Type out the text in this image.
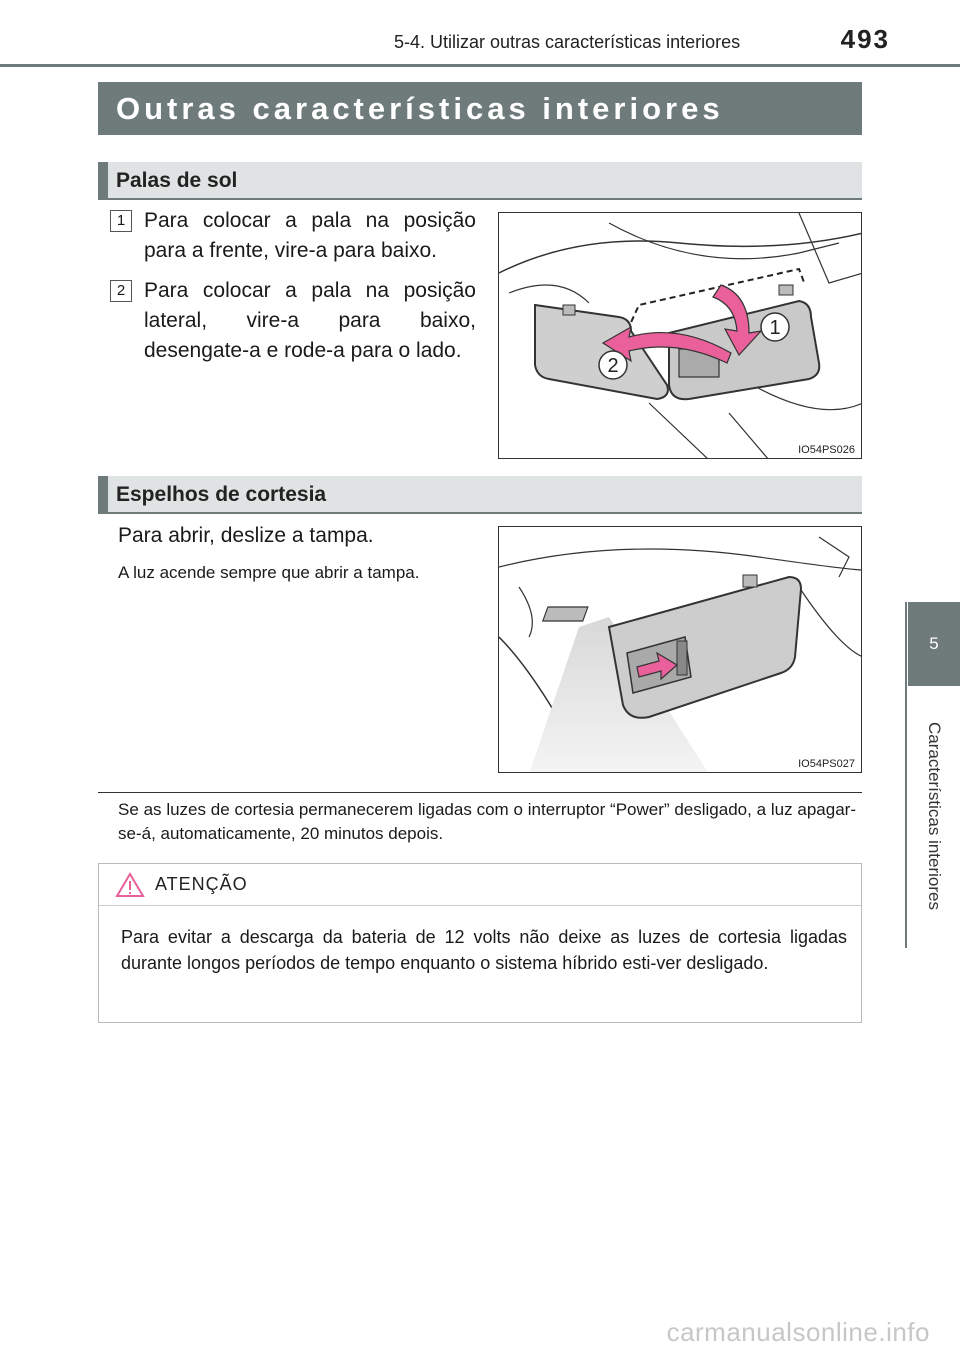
5-4. Utilizar outras características interiores	493
5
Características interiores
Outras características interiores
Palas de sol
1 Para colocar a pala na posição para a frente, vire-a para baixo.
2 Para colocar a pala na posição lateral, vire-a para baixo, desengate-a e rode-a para o lado.
1
2
IO54PS026
Espelhos de cortesia
Para abrir, deslize a tampa.
A luz acende sempre que abrir a tampa.
IO54PS027
Se as luzes de cortesia permanecerem ligadas com o interruptor “Power” desligado, a luz apagar-se-á, automaticamente, 20 minutos depois.
ATENÇÃO
Para evitar a descarga da bateria de 12 volts não deixe as luzes de cortesia ligadas durante longos períodos de tempo enquanto o sistema híbrido esti-ver desligado.
carmanualsonline.info
